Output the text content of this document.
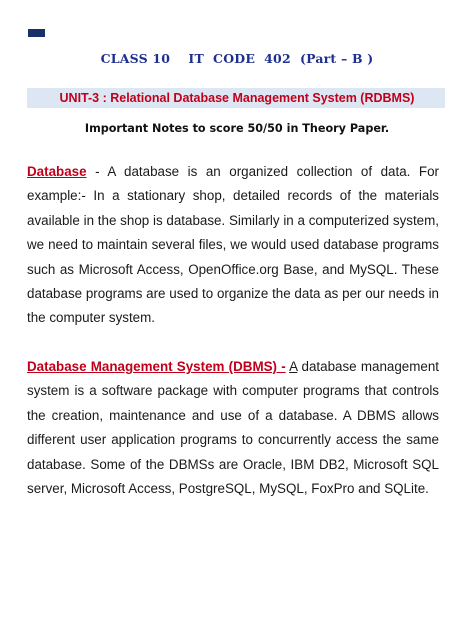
CLASS 10    IT  CODE  402  (Part – B )
UNIT-3 : Relational Database Management System (RDBMS)
Important Notes to score 50/50 in Theory Paper.
Database - A database is an organized collection of data. For example:- In a stationary shop, detailed records of the materials available in the shop is database. Similarly in a computerized system, we need to maintain several files, we would used database programs such as Microsoft Access, OpenOffice.org Base, and MySQL. These database programs are used to organize the data as per our needs in the computer system.
Database Management System (DBMS) - A database management system is a software package with computer programs that controls the creation, maintenance and use of a database. A DBMS allows different user application programs to concurrently access the same database. Some of the DBMSs are Oracle, IBM DB2, Microsoft SQL server, Microsoft Access, PostgreSQL, MySQL, FoxPro and SQLite.
